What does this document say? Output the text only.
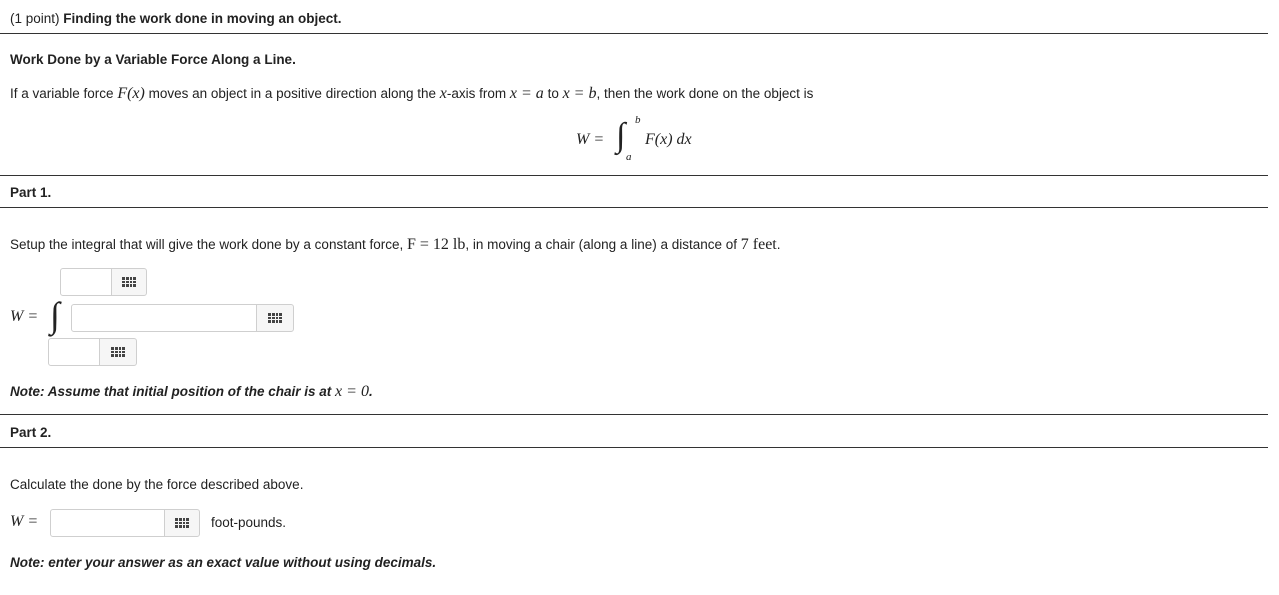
(1 point) Finding the work done in moving an object.
Work Done by a Variable Force Along a Line.
If a variable force F(x) moves an object in a positive direction along the x-axis from x = a to x = b, then the work done on the object is
W = ∫ b
a
F(x) dx
Part 1.
Setup the integral that will give the work done by a constant force, F = 12 lb, in moving a chair (along a line) a distance of 7 feet.
W = ∫
Note: Assume that initial position of the chair is at x = 0.
Part 2.
Calculate the done by the force described above.
W =	foot-pounds.
Note: enter your answer as an exact value without using decimals.
